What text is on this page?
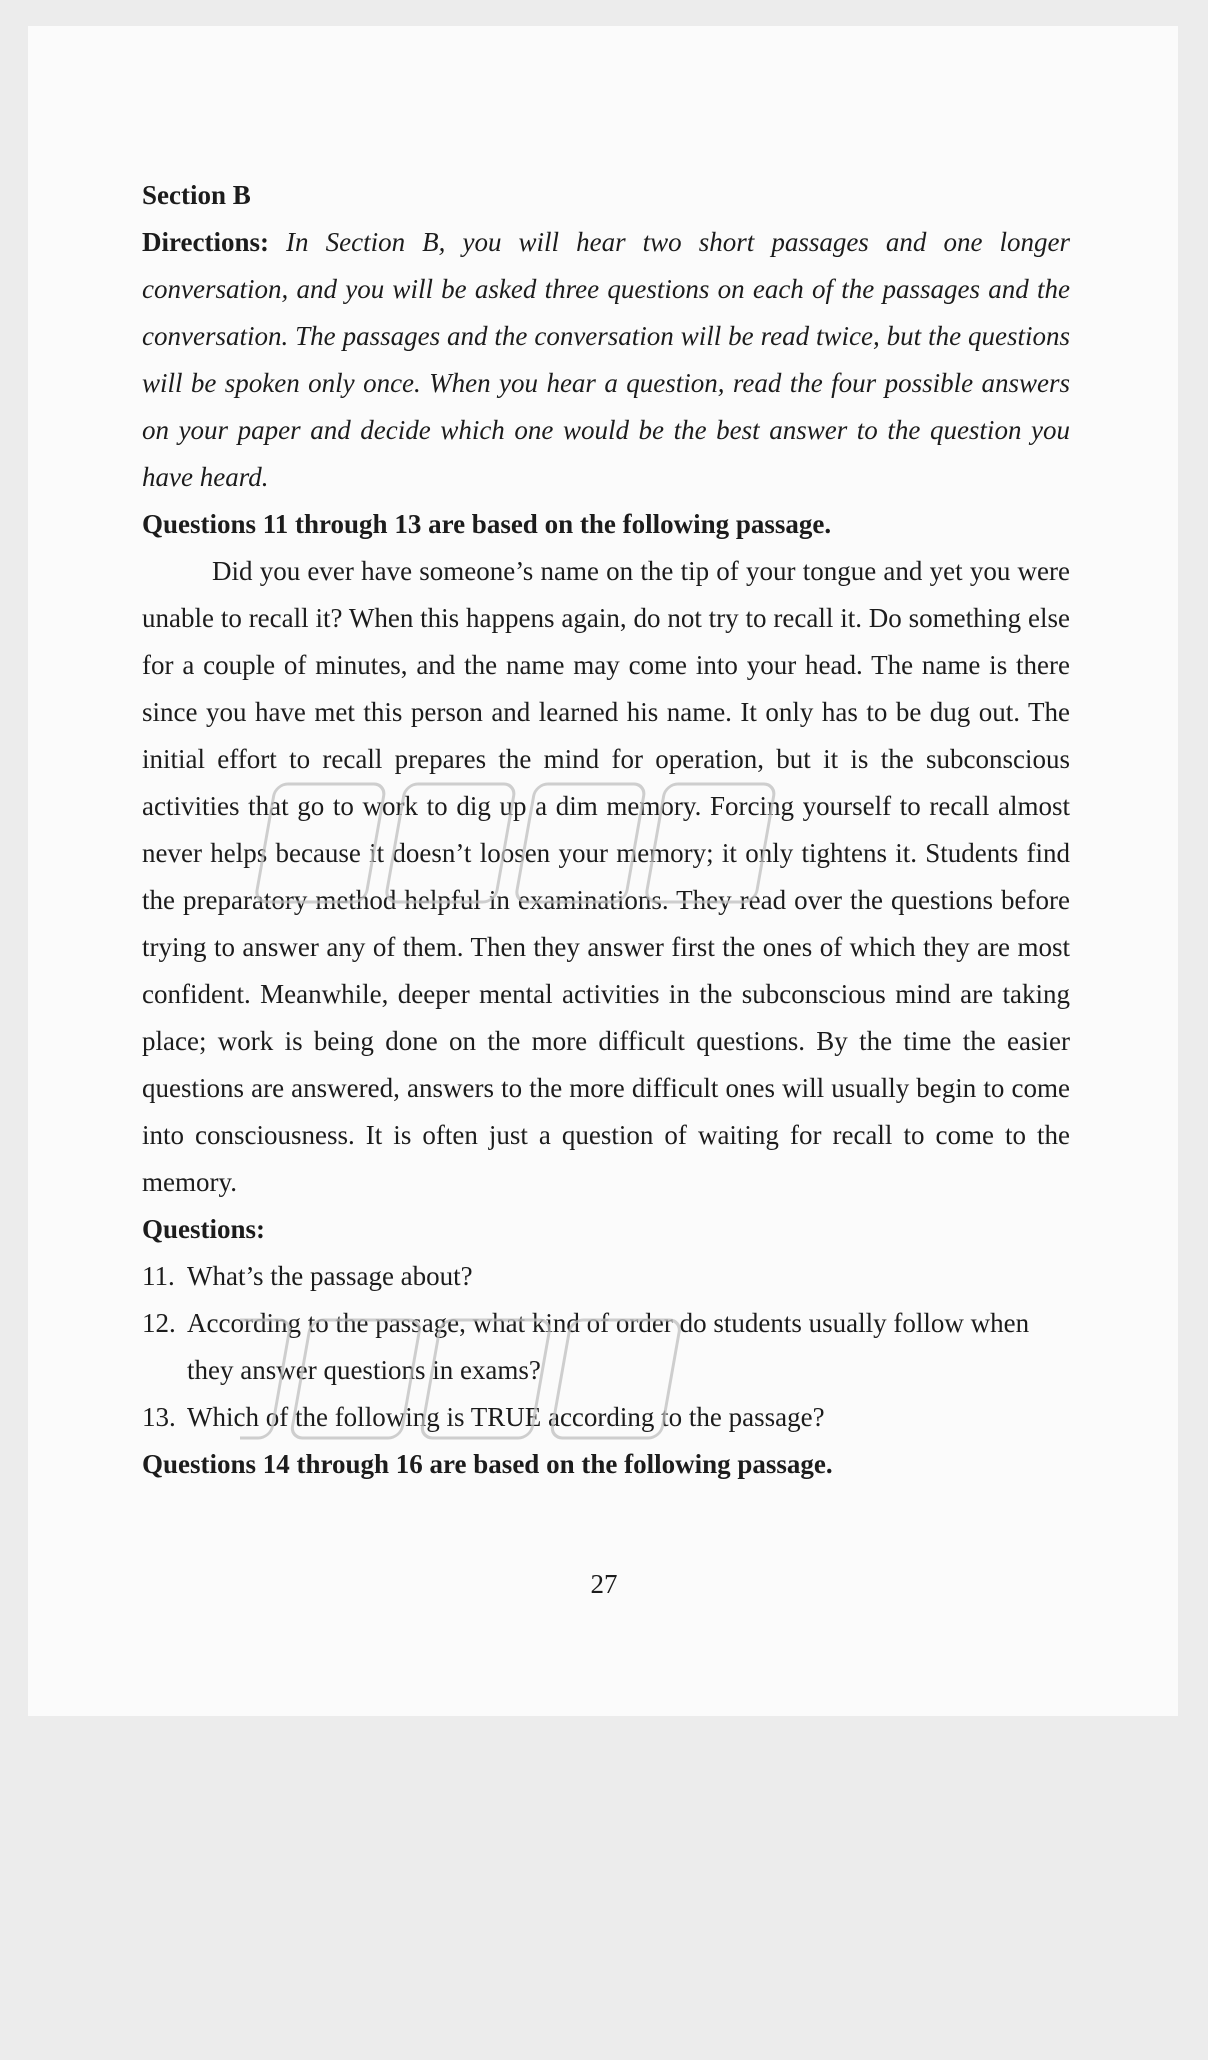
Section B

Directions: In Section B, you will hear two short passages and one longer conversation, and you will be asked three questions on each of the passages and the conversation. The passages and the conversation will be read twice, but the questions will be spoken only once. When you hear a question, read the four possible answers on your paper and decide which one would be the best answer to the question you have heard.

Questions 11 through 13 are based on the following passage.

Did you ever have someone’s name on the tip of your tongue and yet you were unable to recall it? When this happens again, do not try to recall it. Do something else for a couple of minutes, and the name may come into your head. The name is there since you have met this person and learned his name. It only has to be dug out. The initial effort to recall prepares the mind for operation, but it is the subconscious activities that go to work to dig up a dim memory. Forcing yourself to recall almost never helps because it doesn’t loosen your memory; it only tightens it. Students find the preparatory method helpful in examinations. They read over the questions before trying to answer any of them. Then they answer first the ones of which they are most confident. Meanwhile, deeper mental activities in the subconscious mind are taking place; work is being done on the more difficult questions. By the time the easier questions are answered, answers to the more difficult ones will usually begin to come into consciousness. It is often just a question of waiting for recall to come to the memory.

Questions:

11. What’s the passage about?

12. According to the passage, what kind of order do students usually follow when they answer questions in exams?

13. Which of the following is TRUE according to the passage?

Questions 14 through 16 are based on the following passage.

27
